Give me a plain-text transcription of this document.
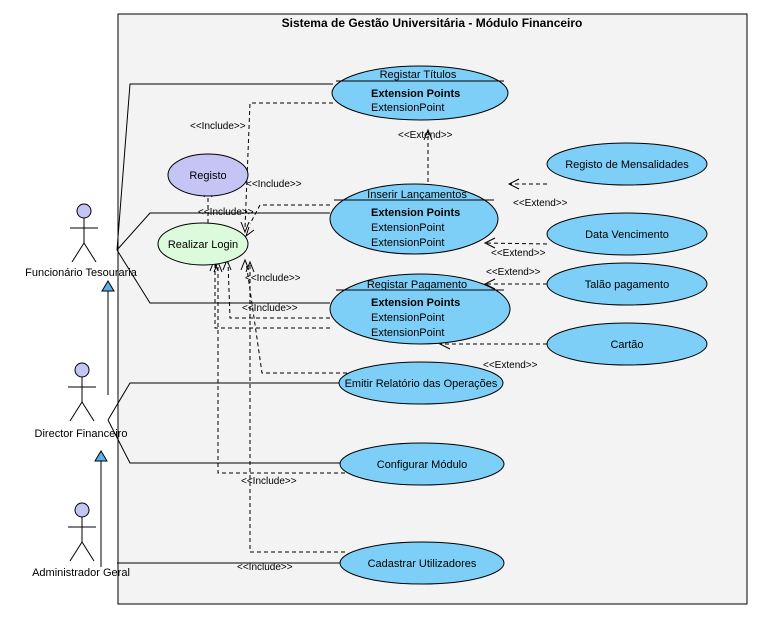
Sistema de Gestão Universitária - Módulo Financeiro
<<Include>>
<<Include>>
<<Include>>
<<Include>>
<<Include>>
<<Include>>
<<Include>>
<<Extend>>
<<Extend>>
<<Extend>>
<<Extend>>
<<Extend>>
Registar Títulos
Extension Points
ExtensionPoint
Inserir Lançamentos
Extension Points
ExtensionPoint
ExtensionPoint
Registar Pagamento
Extension Points
ExtensionPoint
ExtensionPoint
Registo
Realizar Login
Registo de Mensalidades
Data Vencimento
Talão pagamento
Cartão
Emitir Relatório das Operações
Configurar Módulo
Cadastrar Utilizadores
Funcionário Tesouraria
Director Financeiro
Administrador Geral
